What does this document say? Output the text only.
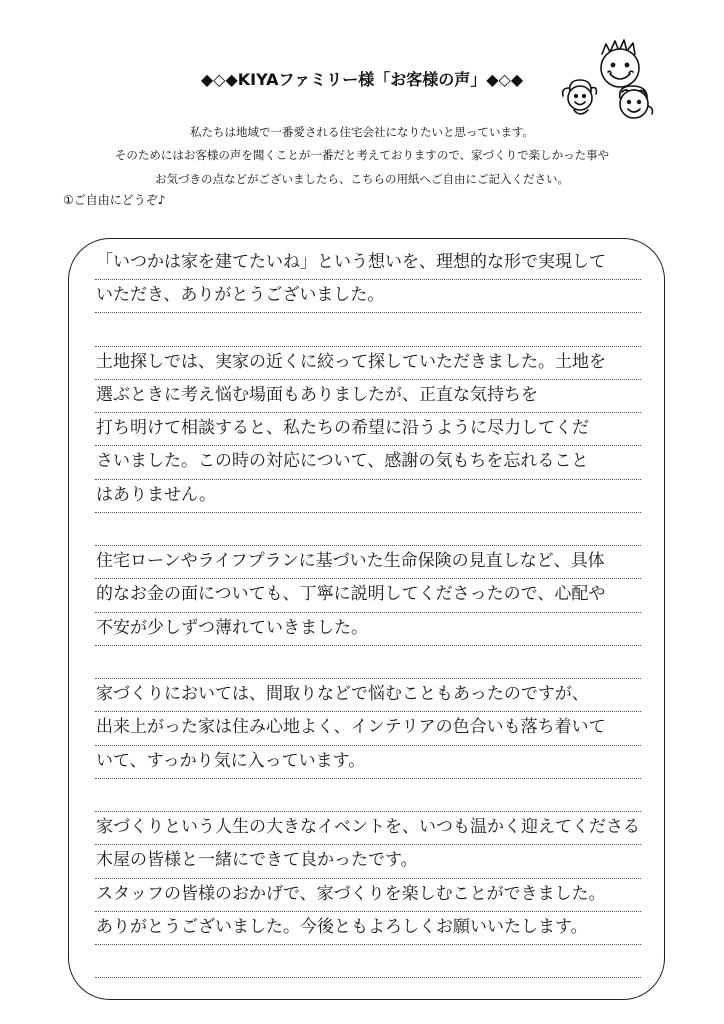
◆◇◆KIYAファミリー様「お客様の声」◆◇◆
私たちは地域で一番愛される住宅会社になりたいと思っています。
そのためにはお客様の声を聞くことが一番だと考えておりますので、家づくりで楽しかった事や
お気づきの点などがございましたら、こちらの用紙へご自由にご記入ください。
①ご自由にどうぞ♪
「いつかは家を建てたいね」という想いを、理想的な形で実現して
いただき、ありがとうございました。
土地探しでは、実家の近くに絞って探していただきました。土地を
選ぶときに考え悩む場面もありましたが、正直な気持ちを
打ち明けて相談すると、私たちの希望に沿うように尽力してくだ
さいました。この時の対応について、感謝の気もちを忘れること
はありません。
住宅ローンやライフプランに基づいた生命保険の見直しなど、具体
的なお金の面についても、丁寧に説明してくださったので、心配や
不安が少しずつ薄れていきました。
家づくりにおいては、間取りなどで悩むこともあったのですが、
出来上がった家は住み心地よく、インテリアの色合いも落ち着いて
いて、すっかり気に入っています。
家づくりという人生の大きなイベントを、いつも温かく迎えてくださる
木屋の皆様と一緒にできて良かったです。
スタッフの皆様のおかげで、家づくりを楽しむことができました。
ありがとうございました。今後ともよろしくお願いいたします。
